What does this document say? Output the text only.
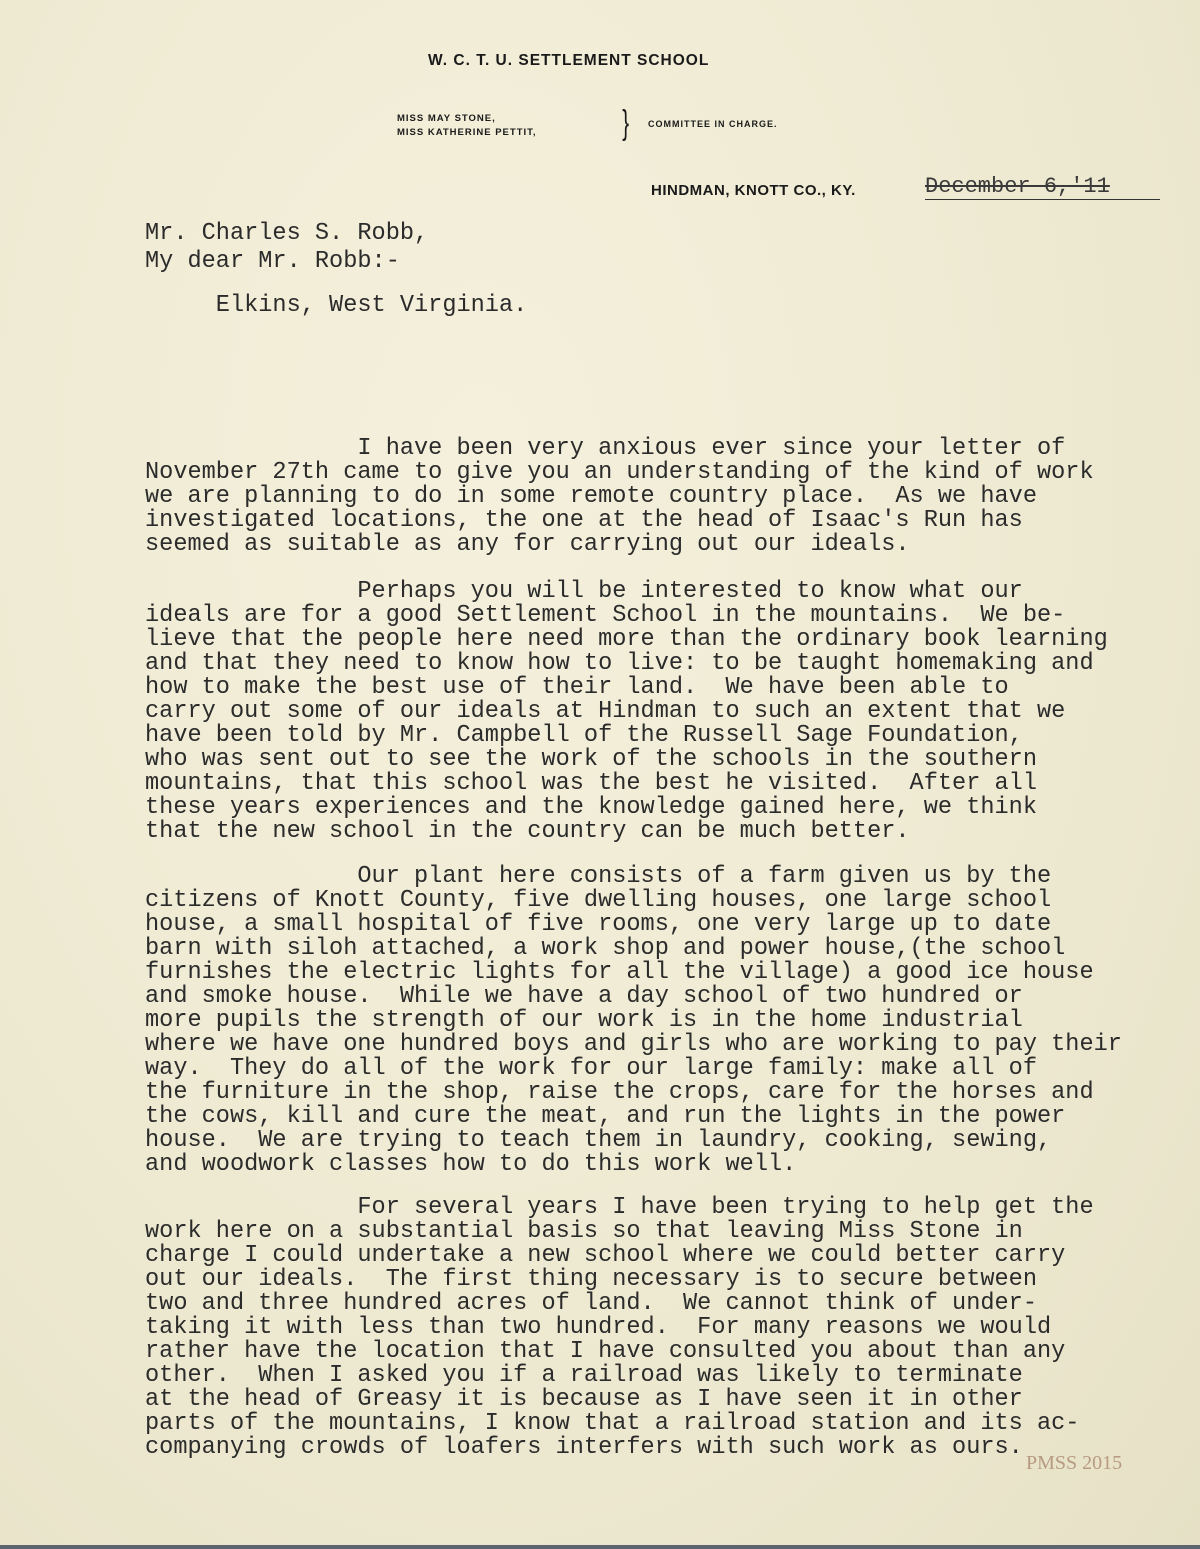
W. C. T. U. SETTLEMENT SCHOOL
MISS MAY STONE,
MISS KATHERINE PETTIT,	} COMMITTEE IN CHARGE.
HINDMAN, KNOTT CO., KY.	December 6,'11

Mr. Charles S. Robb,

Elkins, West Virginia.

My dear Mr. Robb:-
I have been very anxious ever since your letter of
November 27th came to give you an understanding of the kind of work
we are planning to do in some remote country place.  As we have
investigated locations, the one at the head of Isaac's Run has
seemed as suitable as any for carrying out our ideals.
Perhaps you will be interested to know what our
ideals are for a good Settlement School in the mountains.  We be-
lieve that the people here need more than the ordinary book learning
and that they need to know how to live: to be taught homemaking and
how to make the best use of their land.  We have been able to
carry out some of our ideals at Hindman to such an extent that we
have been told by Mr. Campbell of the Russell Sage Foundation,
who was sent out to see the work of the schools in the southern
mountains, that this school was the best he visited.  After all
these years experiences and the knowledge gained here, we think
that the new school in the country can be much better.
Our plant here consists of a farm given us by the
citizens of Knott County, five dwelling houses, one large school
house, a small hospital of five rooms, one very large up to date
barn with siloh attached, a work shop and power house,(the school
furnishes the electric lights for all the village) a good ice house
and smoke house.  While we have a day school of two hundred or
more pupils the strength of our work is in the home industrial
where we have one hundred boys and girls who are working to pay their
way.  They do all of the work for our large family: make all of
the furniture in the shop, raise the crops, care for the horses and
the cows, kill and cure the meat, and run the lights in the power
house.  We are trying to teach them in laundry, cooking, sewing,
and woodwork classes how to do this work well.
For several years I have been trying to help get the
work here on a substantial basis so that leaving Miss Stone in
charge I could undertake a new school where we could better carry
out our ideals.  The first thing necessary is to secure between
two and three hundred acres of land.  We cannot think of under-
taking it with less than two hundred.  For many reasons we would
rather have the location that I have consulted you about than any
other.  When I asked you if a railroad was likely to terminate
at the head of Greasy it is because as I have seen it in other
parts of the mountains, I know that a railroad station and its ac-
companying crowds of loafers interfers with such work as ours.
PMSS 2015
